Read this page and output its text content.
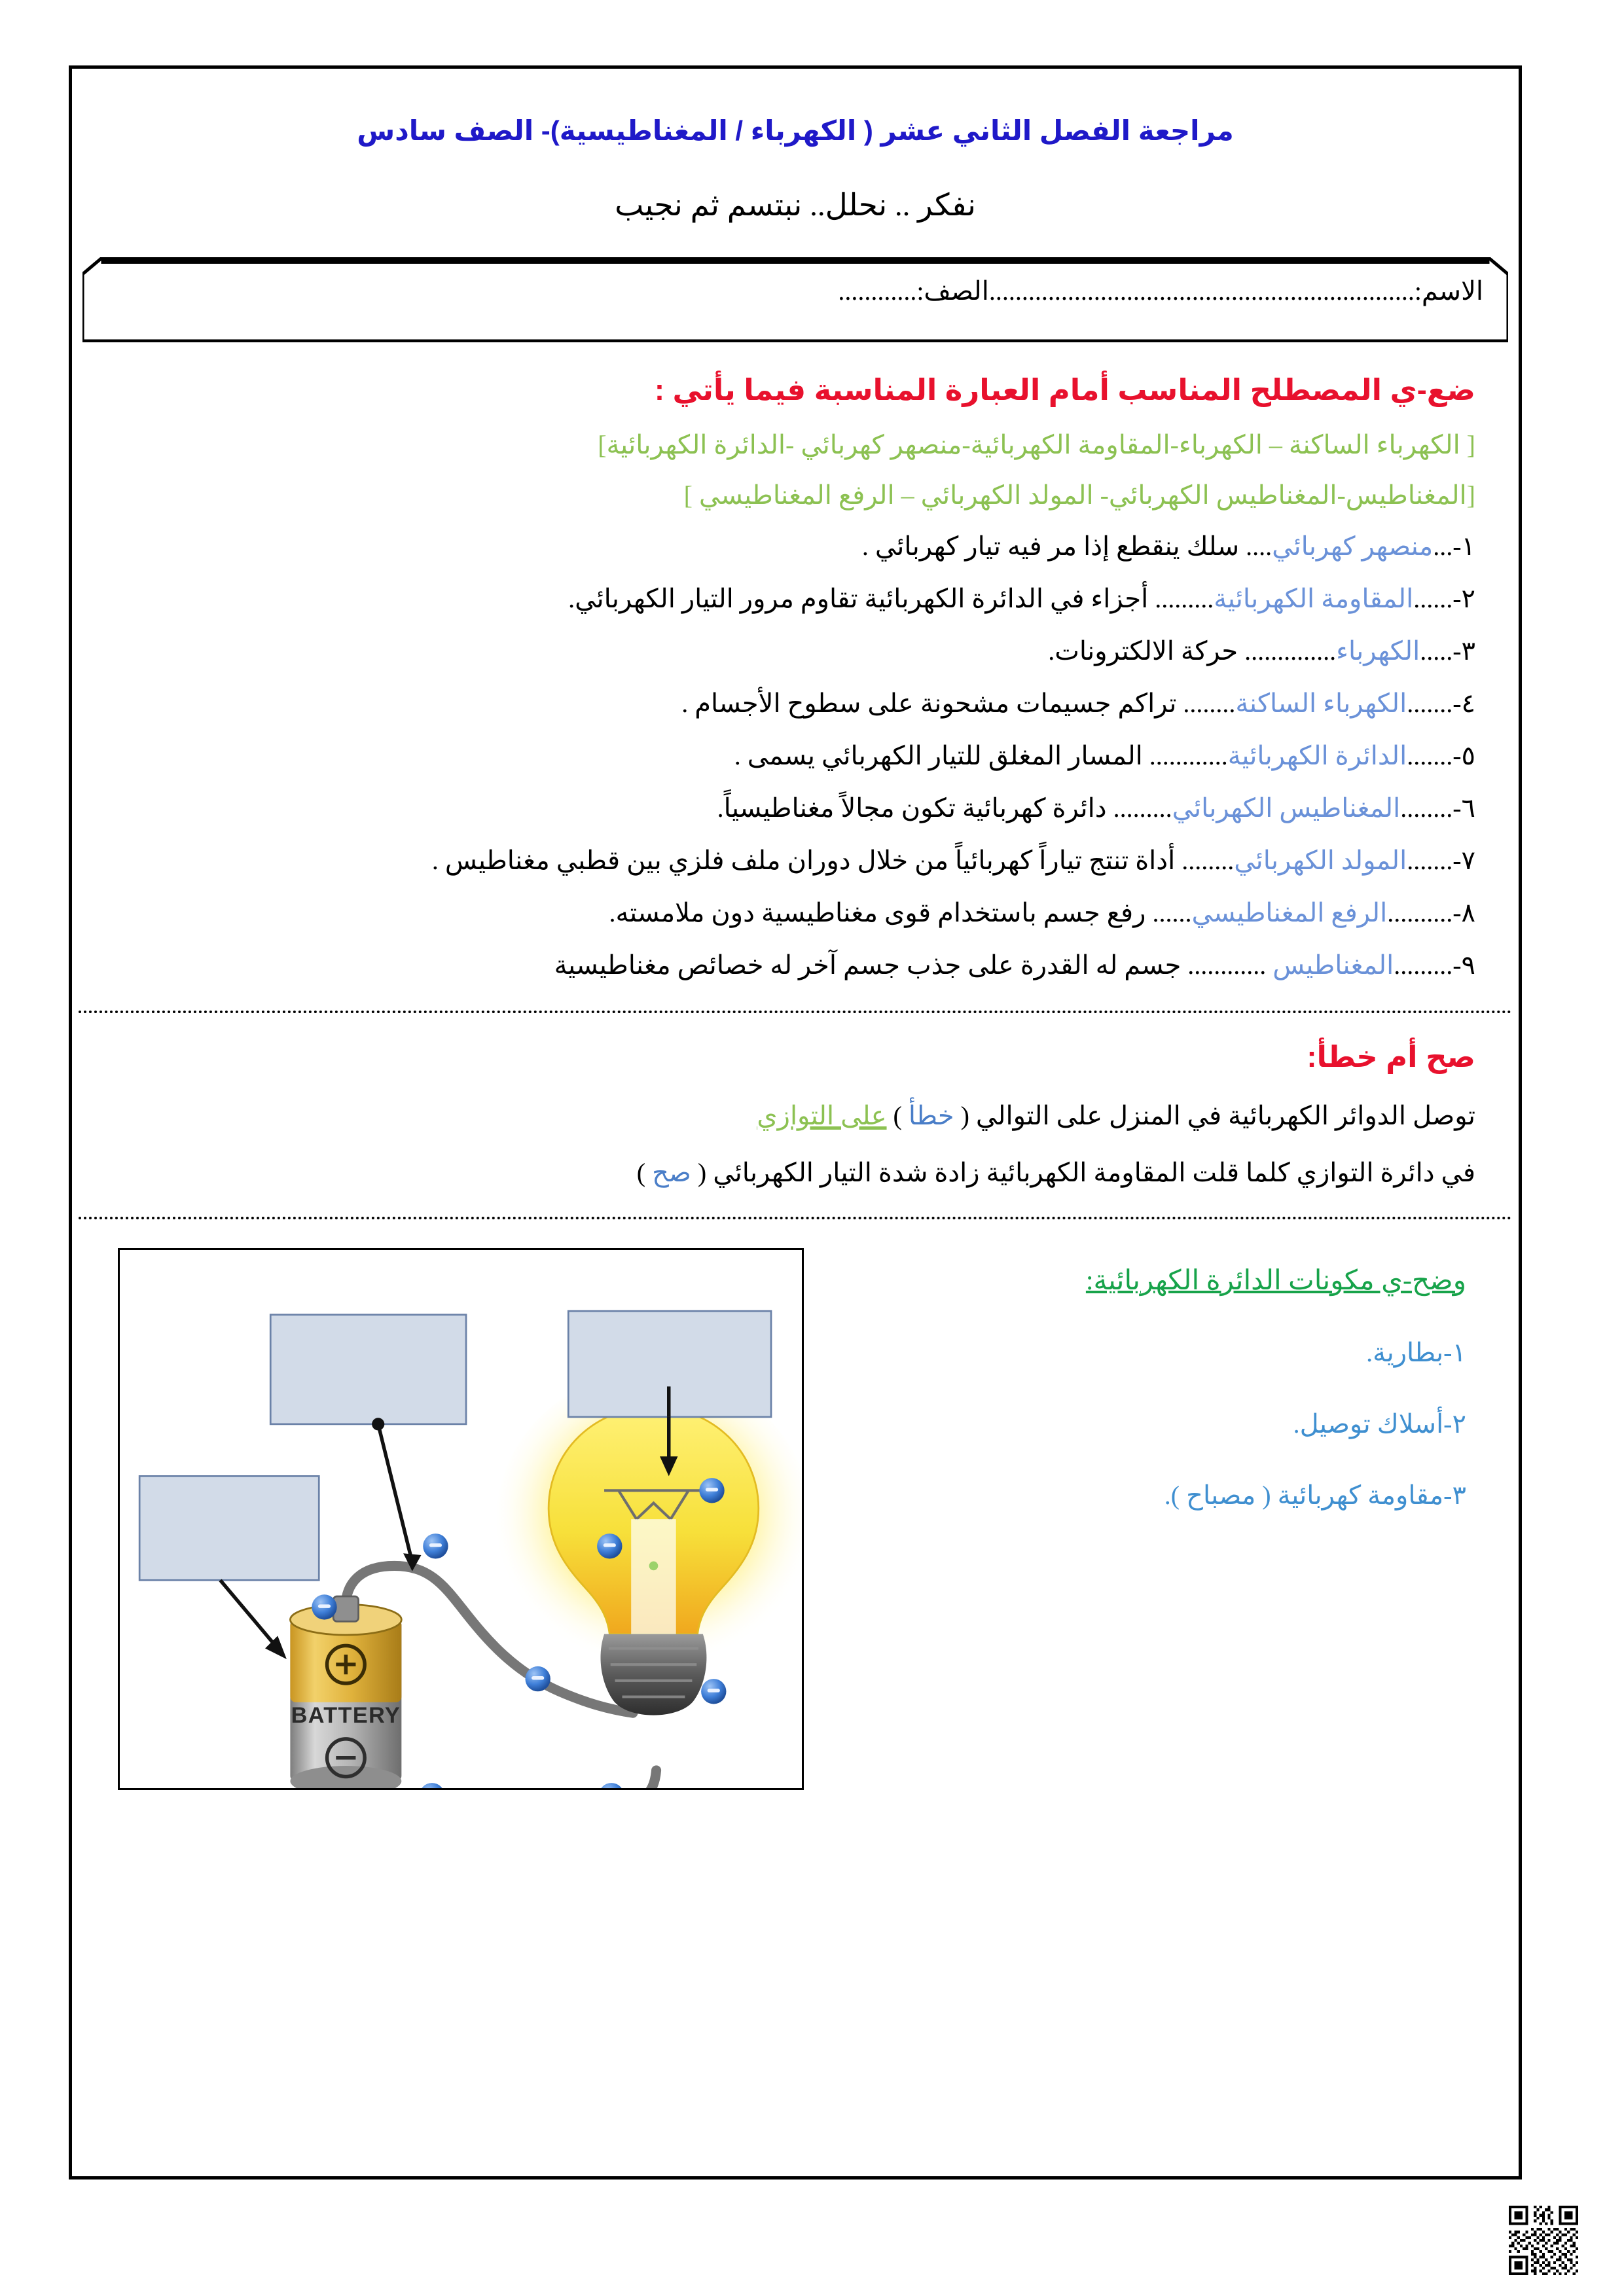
مراجعة الفصل الثاني عشر ( الكهرباء / المغناطيسية)- الصف سادس
نفكر .. نحلل.. نبتسم ثم نجيب
الاسم:.................................................................الصف:............
ضع-ي المصطلح المناسب أمام العبارة المناسبة فيما يأتي :
[ الكهرباء الساكنة – الكهرباء-المقاومة الكهربائية-منصهر كهربائي -الدائرة الكهربائية]
[المغناطيس-المغناطيس الكهربائي- المولد الكهربائي – الرفع المغناطيسي ]
١-...منصهر كهربائي.... سلك ينقطع إذا مر فيه تيار كهربائي .
٢-......المقاومة الكهربائية......... أجزاء في الدائرة الكهربائية تقاوم مرور التيار الكهربائي.
٣-.....الكهرباء.............. حركة الالكترونات.
٤-.......الكهرباء الساكنة........ تراكم جسيمات مشحونة على سطوح الأجسام .
٥-.......الدائرة الكهربائية............ المسار المغلق للتيار الكهربائي يسمى .
٦-........المغناطيس الكهربائي......... دائرة كهربائية تكون مجالاً مغناطيسياً.
٧-.......المولد الكهربائي........ أداة تنتج تياراً كهربائياً من خلال دوران ملف فلزي بين قطبي مغناطيس .
٨-..........الرفع المغناطيسي...... رفع جسم باستخدام قوى مغناطيسية دون ملامسته.
٩-.........المغناطيس ............ جسم له القدرة على جذب جسم آخر له خصائص مغناطيسية
صح أم خطأ:
توصل الدوائر الكهربائية في المنزل على التوالي ( خطأ ) على التوازي
في دائرة التوازي كلما قلت المقاومة الكهربائية زادة شدة التيار الكهربائي ( صح )
وضح-ي مكونات الدائرة الكهربائية:
١-بطارية.
٢-أسلاك توصيل.
٣-مقاومة كهربائية ( مصباح ).
BATTERY
